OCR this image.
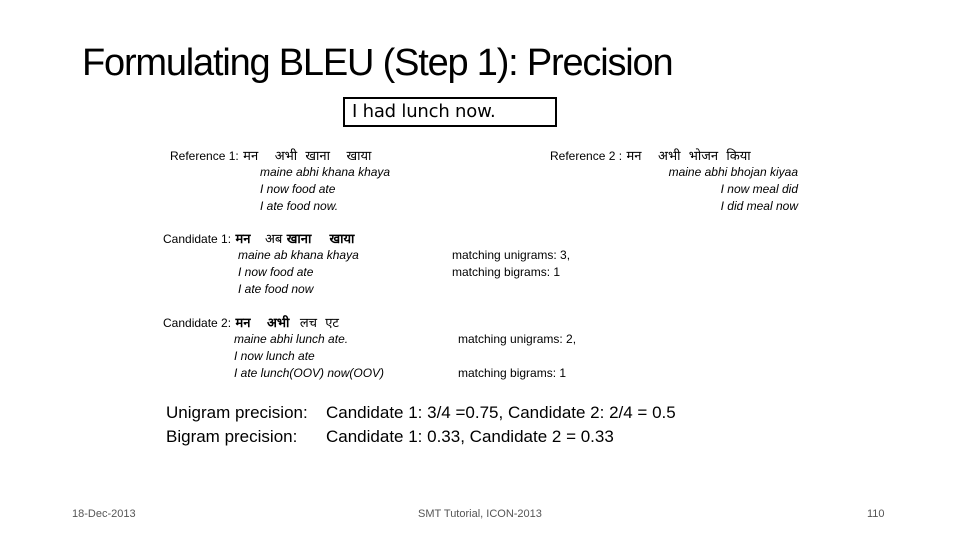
Formulating BLEU (Step 1): Precision
I had lunch now.
Reference 1: मन    अभी  खाना    खाया
maine abhi khana khaya
I now food ate
I ate food now.
Reference 2 : मन    अभी  भोजन  किया
maine abhi bhojan kiyaa
I now meal did
I did meal now
Candidate 1: मन अब खाना    खाया
maine ab khana khaya
I now food ate
I ate food now
matching unigrams: 3,
matching bigrams: 1
Candidate 2: मन अभी लच  एट
maine abhi lunch ate.
I now lunch ate
I ate lunch(OOV) now(OOV)
matching unigrams: 2,
matching bigrams: 1
Unigram precision: Candidate 1: 3/4 =0.75, Candidate 2: 2/4 = 0.5
Bigram precision: Candidate 1: 0.33, Candidate 2 = 0.33
18-Dec-2013	SMT Tutorial, ICON-2013	110
